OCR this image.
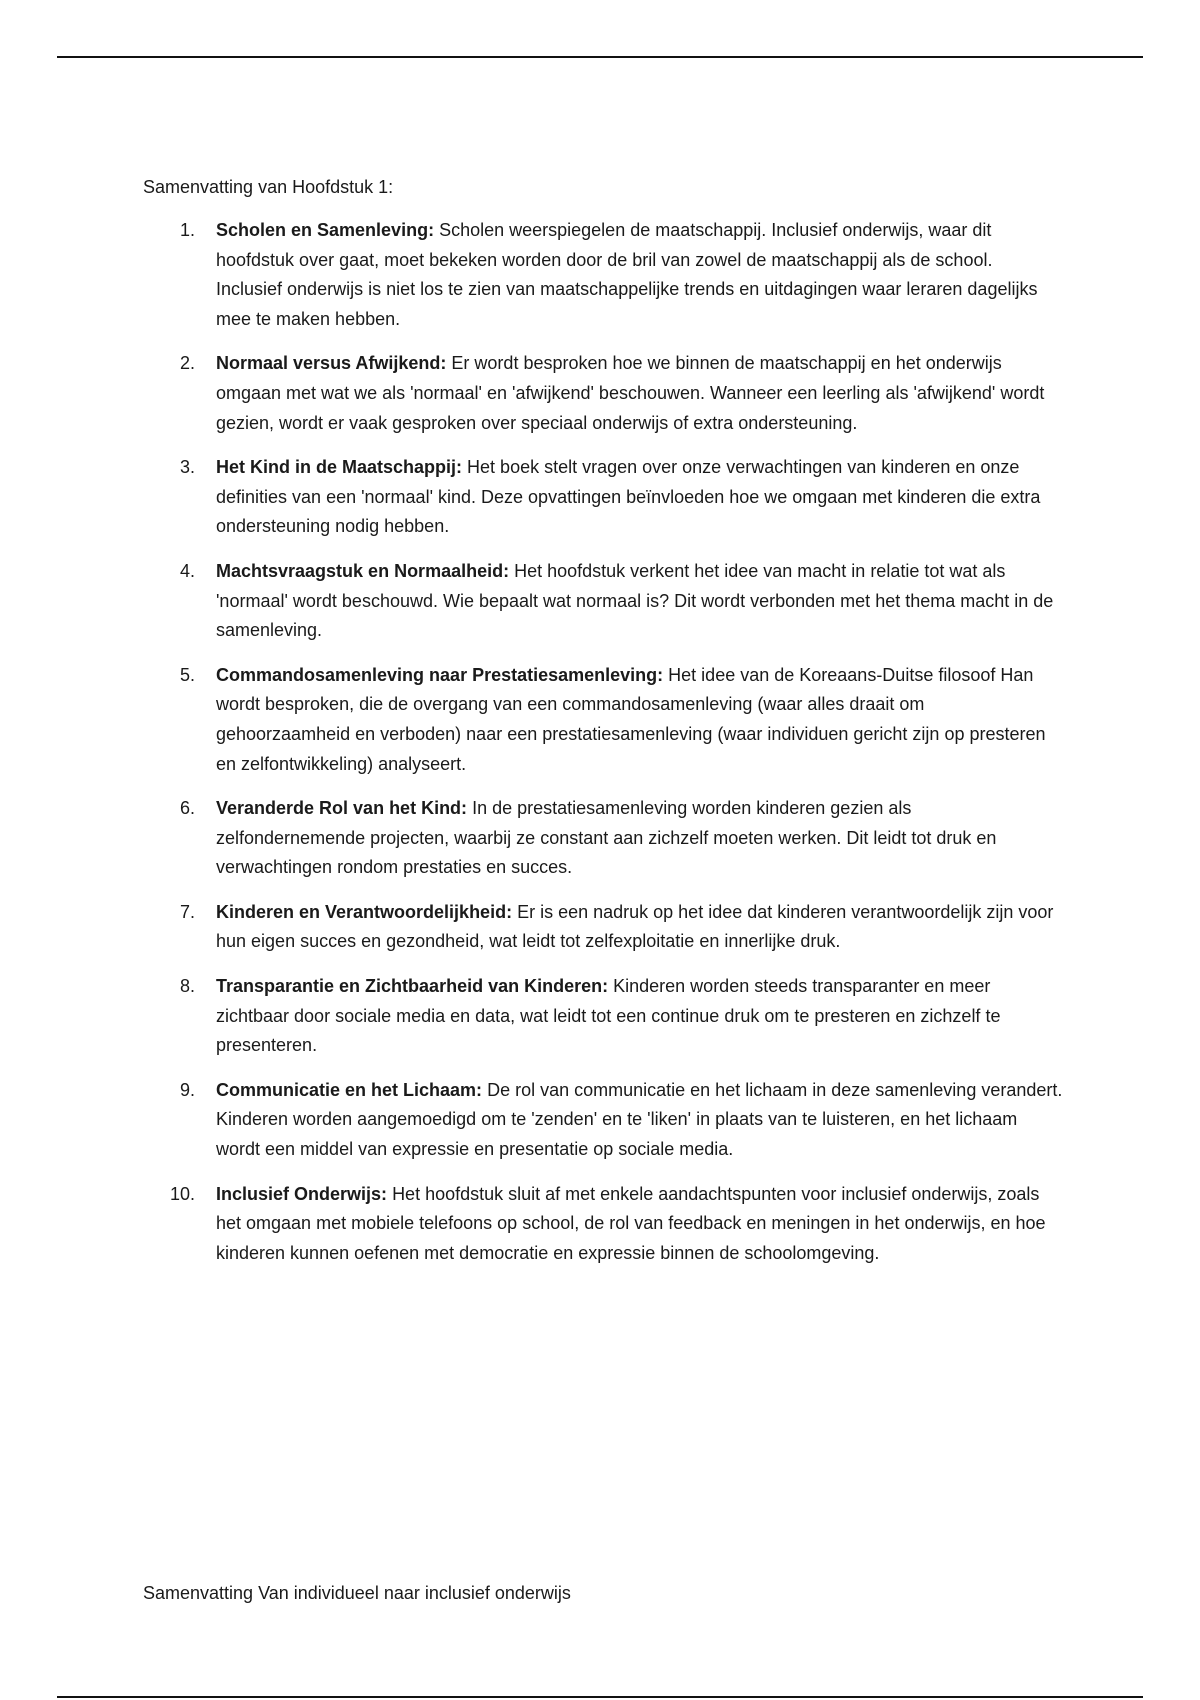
Samenvatting van Hoofdstuk 1:

1. Scholen en Samenleving: Scholen weerspiegelen de maatschappij. Inclusief onderwijs, waar dit hoofdstuk over gaat, moet bekeken worden door de bril van zowel de maatschappij als de school. Inclusief onderwijs is niet los te zien van maatschappelijke trends en uitdagingen waar leraren dagelijks mee te maken hebben.
2. Normaal versus Afwijkend: Er wordt besproken hoe we binnen de maatschappij en het onderwijs omgaan met wat we als 'normaal' en 'afwijkend' beschouwen. Wanneer een leerling als 'afwijkend' wordt gezien, wordt er vaak gesproken over speciaal onderwijs of extra ondersteuning.
3. Het Kind in de Maatschappij: Het boek stelt vragen over onze verwachtingen van kinderen en onze definities van een 'normaal' kind. Deze opvattingen beïnvloeden hoe we omgaan met kinderen die extra ondersteuning nodig hebben.
4. Machtsvraagstuk en Normaalheid: Het hoofdstuk verkent het idee van macht in relatie tot wat als 'normaal' wordt beschouwd. Wie bepaalt wat normaal is? Dit wordt verbonden met het thema macht in de samenleving.
5. Commandosamenleving naar Prestatiesamenleving: Het idee van de Koreaans-Duitse filosoof Han wordt besproken, die de overgang van een commandosamenleving (waar alles draait om gehoorzaamheid en verboden) naar een prestatiesamenleving (waar individuen gericht zijn op presteren en zelfontwikkeling) analyseert.
6. Veranderde Rol van het Kind: In de prestatiesamenleving worden kinderen gezien als zelfondernemende projecten, waarbij ze constant aan zichzelf moeten werken. Dit leidt tot druk en verwachtingen rondom prestaties en succes.
7. Kinderen en Verantwoordelijkheid: Er is een nadruk op het idee dat kinderen verantwoordelijk zijn voor hun eigen succes en gezondheid, wat leidt tot zelfexploitatie en innerlijke druk.
8. Transparantie en Zichtbaarheid van Kinderen: Kinderen worden steeds transparanter en meer zichtbaar door sociale media en data, wat leidt tot een continue druk om te presteren en zichzelf te presenteren.
9. Communicatie en het Lichaam: De rol van communicatie en het lichaam in deze samenleving verandert. Kinderen worden aangemoedigd om te 'zenden' en te 'liken' in plaats van te luisteren, en het lichaam wordt een middel van expressie en presentatie op sociale media.
10. Inclusief Onderwijs: Het hoofdstuk sluit af met enkele aandachtspunten voor inclusief onderwijs, zoals het omgaan met mobiele telefoons op school, de rol van feedback en meningen in het onderwijs, en hoe kinderen kunnen oefenen met democratie en expressie binnen de schoolomgeving.

Samenvatting Van individueel naar inclusief onderwijs
